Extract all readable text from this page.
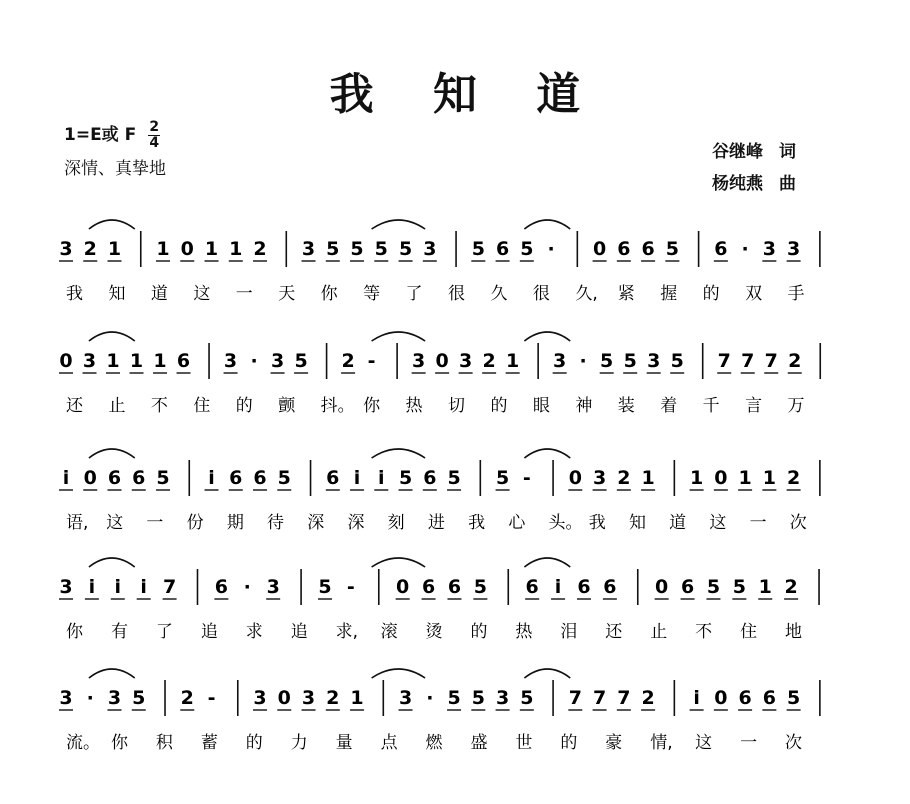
我 知 道
1=E或 F 2
4
深情、真挚地
谷继峰 词
杨纯燕 曲
3 2 1 1 0 1 1 2 3 5 5 5 5 3 5 6 5 · 0 6 6 5 6 · 3 3
我 知 道 这 一 天 你 等 了 很 久 很 久, 紧 握 的 双 手
0 3 1 1 1 6 3 · 3 5 2 - 3 0 3 2 1 3 · 5 5 3 5 7 7 7 2
还 止 不 住 的 颤 抖。 你 热 切 的 眼 神 装 着 千 言 万
i 0 6 6 5 i 6 6 5 6 i i 5 6 5 5 - 0 3 2 1 1 0 1 1 2
语, 这 一 份 期 待 深 深 刻 进 我 心 头。 我 知 道 这 一 次
3 i i i 7 6 · 3 5 - 0 6 6 5 6 i 6 6 0 6 5 5 1 2
你 有 了 追 求 追 求, 滚 烫 的 热 泪 还 止 不 住 地
3 · 3 5 2 - 3 0 3 2 1 3 · 5 5 3 5 7 7 7 2 i 0 6 6 5
流。 你 积 蓄 的 力 量 点 燃 盛 世 的 豪 情, 这 一 次
